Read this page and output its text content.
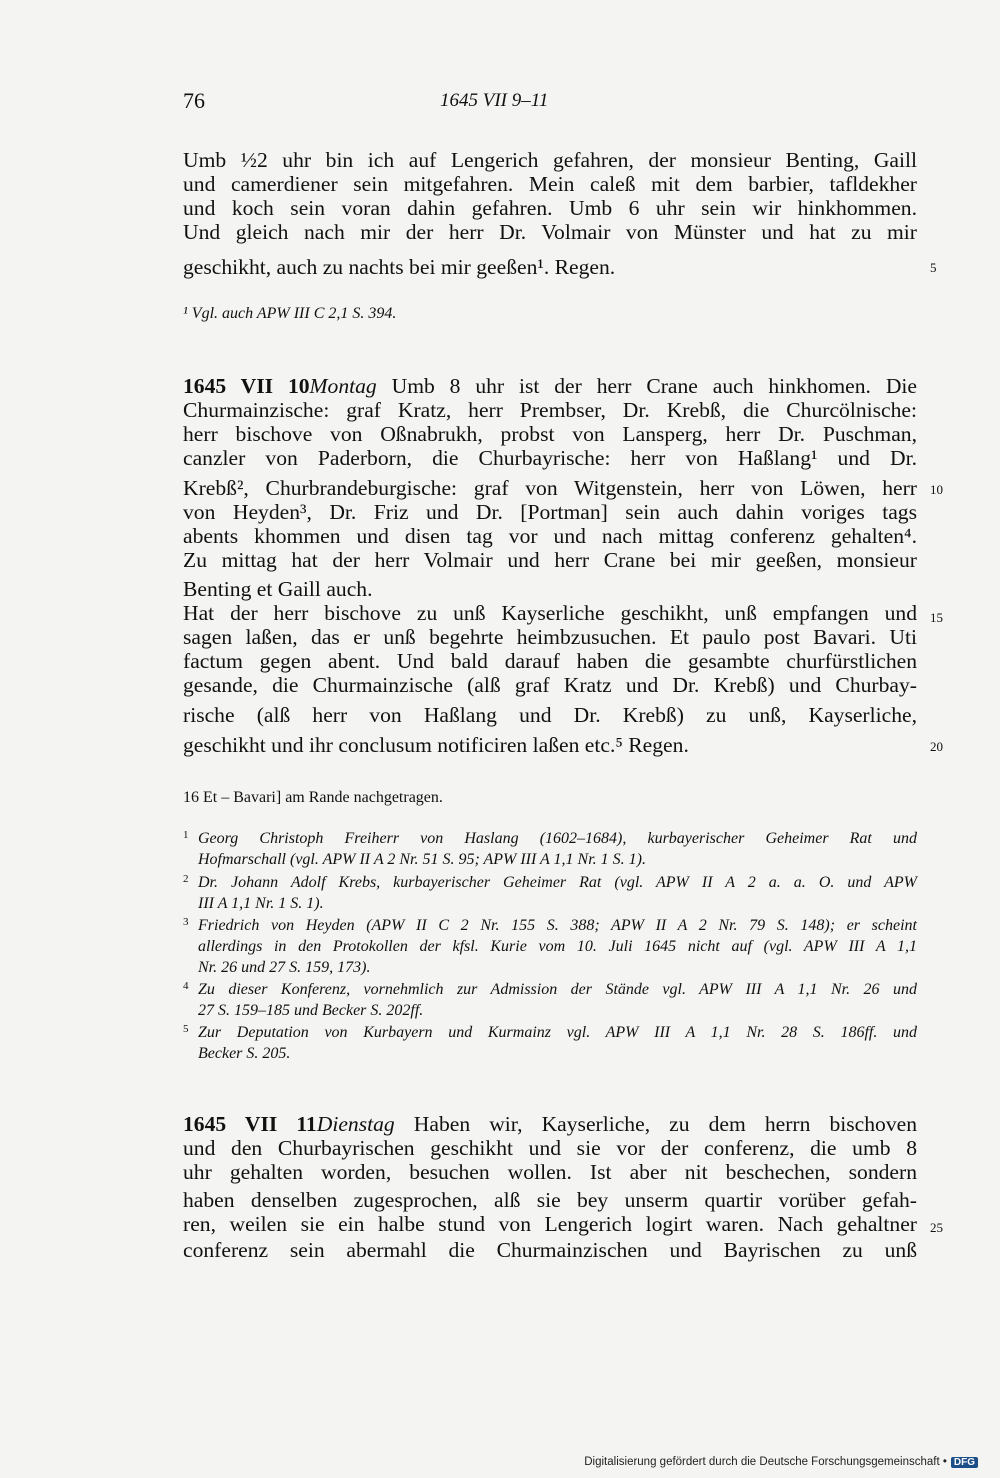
76	1645 VII 9–11
Umb ½2 uhr bin ich auf Lengerich gefahren, der monsieur Benting, Gaill
und camerdiener sein mitgefahren. Mein caleß mit dem barbier, tafldekher
und koch sein voran dahin gefahren. Umb 6 uhr sein wir hinkhommen.
Und gleich nach mir der herr Dr. Volmair von Münster und hat zu mir
geschikht, auch zu nachts bei mir geeßen¹. Regen.	5
¹ Vgl. auch APW III C 2,1 S. 394.
1645 VII 10Montag Umb 8 uhr ist der herr Crane auch hinkhomen. Die
Churmainzische: graf Kratz, herr Prembser, Dr. Krebß, die Churcölnische:
herr bischove von Oßnabrukh, probst von Lansperg, herr Dr. Puschman,
canzler von Paderborn, die Churbayrische: herr von Haßlang¹ und Dr.
Krebß², Churbrandeburgische: graf von Witgenstein, herr von Löwen, herr 10
von Heyden³, Dr. Friz und Dr. [Portman] sein auch dahin voriges tags
abents khommen und disen tag vor und nach mittag conferenz gehalten⁴.
Zu mittag hat der herr Volmair und herr Crane bei mir geeßen, monsieur
Benting et Gaill auch.
Hat der herr bischove zu unß Kayserliche geschikht, unß empfangen und 15
sagen laßen, das er unß begehrte heimbzusuchen. Et paulo post Bavari. Uti
factum gegen abent. Und bald darauf haben die gesambte churfürstlichen
gesande, die Churmainzische (alß graf Kratz und Dr. Krebß) und Churbay-
rische (alß herr von Haßlang und Dr. Krebß) zu unß, Kayserliche,
geschikht und ihr conclusum notificiren laßen etc.⁵ Regen.	20
16 Et – Bavari] am Rande nachgetragen.
1 Georg Christoph Freiherr von Haslang (1602–1684), kurbayerischer Geheimer Rat und
Hofmarschall (vgl. APW II A 2 Nr. 51 S. 95; APW III A 1,1 Nr. 1 S. 1).
2 Dr. Johann Adolf Krebs, kurbayerischer Geheimer Rat (vgl. APW II A 2 a. a. O. und APW
III A 1,1 Nr. 1 S. 1).
3 Friedrich von Heyden (APW II C 2 Nr. 155 S. 388; APW II A 2 Nr. 79 S. 148); er scheint
allerdings in den Protokollen der kfsl. Kurie vom 10. Juli 1645 nicht auf (vgl. APW III A 1,1
Nr. 26 und 27 S. 159, 173).
4 Zu dieser Konferenz, vornehmlich zur Admission der Stände vgl. APW III A 1,1 Nr. 26 und
27 S. 159–185 und Becker S. 202ff.
5 Zur Deputation von Kurbayern und Kurmainz vgl. APW III A 1,1 Nr. 28 S. 186ff. und
Becker S. 205.
1645 VII 11Dienstag Haben wir, Kayserliche, zu dem herrn bischoven
und den Churbayrischen geschikht und sie vor der conferenz, die umb 8
uhr gehalten worden, besuchen wollen. Ist aber nit beschechen, sondern
haben denselben zugesprochen, alß sie bey unserm quartir vorüber gefah-
ren, weilen sie ein halbe stund von Lengerich logirt waren. Nach gehaltner 25
conferenz sein abermahl die Churmainzischen und Bayrischen zu unß
Digitalisierung gefördert durch die Deutsche Forschungsgemeinschaft • DFG
